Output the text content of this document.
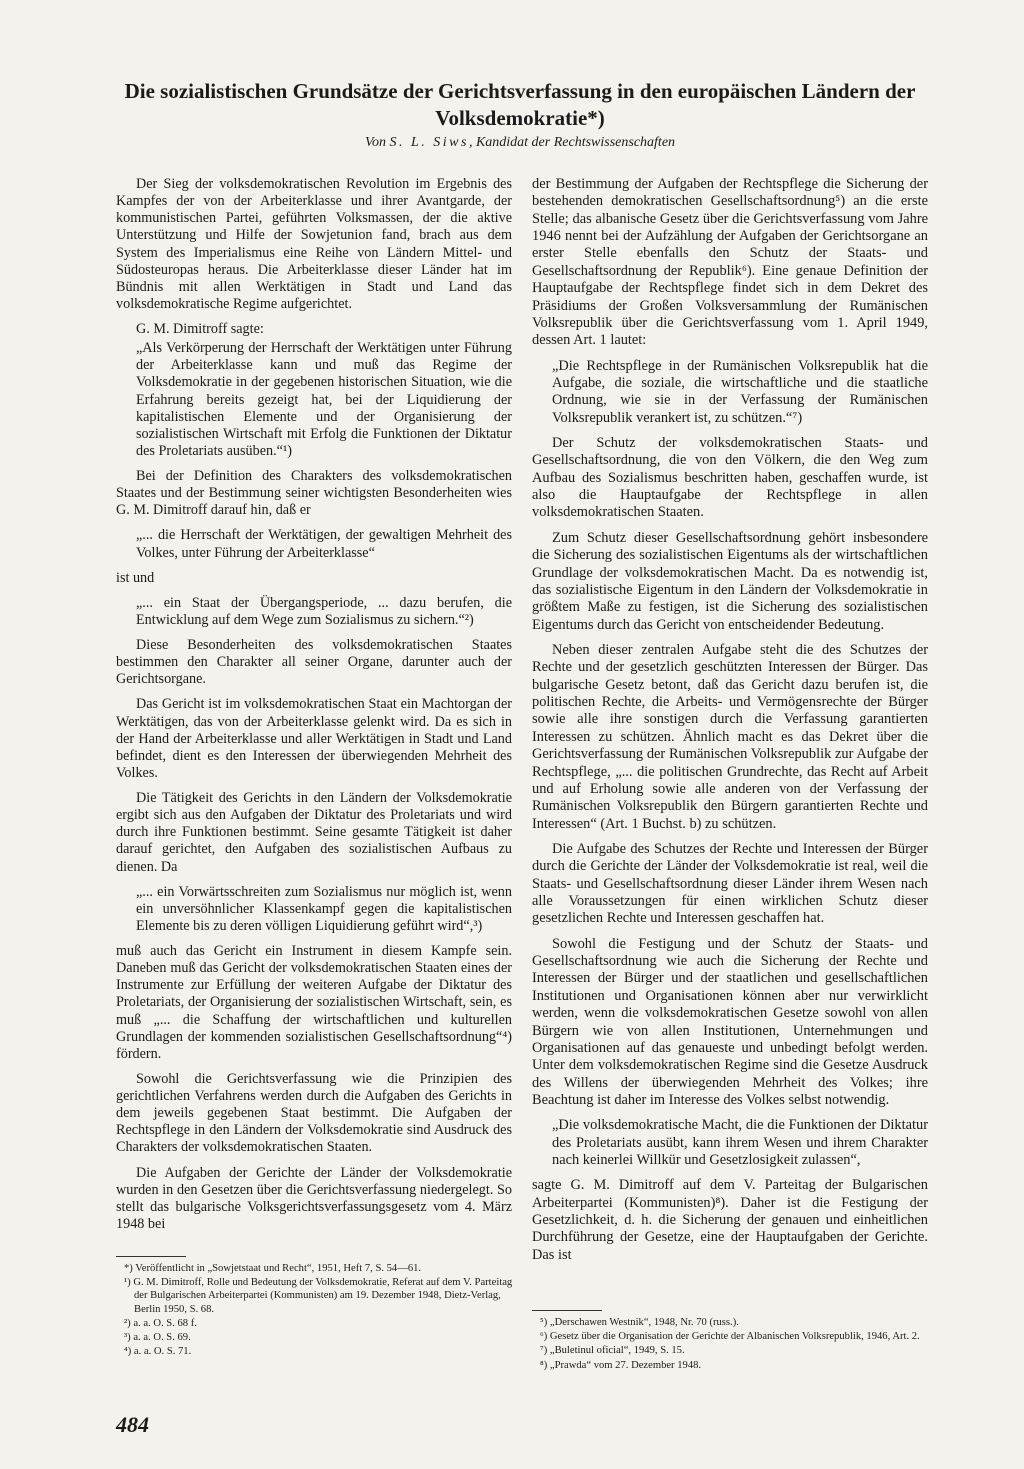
Die sozialistischen Grundsätze der Gerichtsverfassung in den europäischen Ländern der Volksdemokratie*)
Von S. L. Siws, Kandidat der Rechtswissenschaften

Der Sieg der volksdemokratischen Revolution im Ergebnis des Kampfes der von der Arbeiterklasse und ihrer Avantgarde, der kommunistischen Partei, geführten Volksmassen, der die aktive Unterstützung und Hilfe der Sowjetunion fand, brach aus dem System des Imperialismus eine Reihe von Ländern Mittel- und Südosteuropas heraus. Die Arbeiterklasse dieser Länder hat im Bündnis mit allen Werktätigen in Stadt und Land das volksdemokratische Regime aufgerichtet.

G. M. Dimitroff sagte:

„Als Verkörperung der Herrschaft der Werktätigen unter Führung der Arbeiterklasse kann und muß das Regime der Volksdemokratie in der gegebenen historischen Situation, wie die Erfahrung bereits gezeigt hat, bei der Liquidierung der kapitalistischen Elemente und der Organisierung der sozialistischen Wirtschaft mit Erfolg die Funktionen der Diktatur des Proletariats ausüben.“¹)

Bei der Definition des Charakters des volksdemokratischen Staates und der Bestimmung seiner wichtigsten Besonderheiten wies G. M. Dimitroff darauf hin, daß er

„... die Herrschaft der Werktätigen, der gewaltigen Mehrheit des Volkes, unter Führung der Arbeiterklasse“

ist und

„... ein Staat der Übergangsperiode, ... dazu berufen, die Entwicklung auf dem Wege zum Sozialismus zu sichern.“²)

Diese Besonderheiten des volksdemokratischen Staates bestimmen den Charakter all seiner Organe, darunter auch der Gerichtsorgane.

Das Gericht ist im volksdemokratischen Staat ein Machtorgan der Werktätigen, das von der Arbeiterklasse gelenkt wird. Da es sich in der Hand der Arbeiterklasse und aller Werktätigen in Stadt und Land befindet, dient es den Interessen der überwiegenden Mehrheit des Volkes.

Die Tätigkeit des Gerichts in den Ländern der Volksdemokratie ergibt sich aus den Aufgaben der Diktatur des Proletariats und wird durch ihre Funktionen bestimmt. Seine gesamte Tätigkeit ist daher darauf gerichtet, den Aufgaben des sozialistischen Aufbaus zu dienen. Da

„... ein Vorwärtsschreiten zum Sozialismus nur möglich ist, wenn ein unversöhnlicher Klassenkampf gegen die kapitalistischen Elemente bis zu deren völligen Liquidierung geführt wird“,³)

muß auch das Gericht ein Instrument in diesem Kampfe sein. Daneben muß das Gericht der volksdemokratischen Staaten eines der Instrumente zur Erfüllung der weiteren Aufgabe der Diktatur des Proletariats, der Organisierung der sozialistischen Wirtschaft, sein, es muß „... die Schaffung der wirtschaftlichen und kulturellen Grundlagen der kommenden sozialistischen Gesellschaftsordnung“⁴) fördern.

Sowohl die Gerichtsverfassung wie die Prinzipien des gerichtlichen Verfahrens werden durch die Aufgaben des Gerichts in dem jeweils gegebenen Staat bestimmt. Die Aufgaben der Rechtspflege in den Ländern der Volksdemokratie sind Ausdruck des Charakters der volksdemokratischen Staaten.

Die Aufgaben der Gerichte der Länder der Volksdemokratie wurden in den Gesetzen über die Gerichtsverfassung niedergelegt. So stellt das bulgarische Volksgerichtsverfassungsgesetz vom 4. März 1948 bei

der Bestimmung der Aufgaben der Rechtspflege die Sicherung der bestehenden demokratischen Gesellschaftsordnung⁵) an die erste Stelle; das albanische Gesetz über die Gerichtsverfassung vom Jahre 1946 nennt bei der Aufzählung der Aufgaben der Gerichtsorgane an erster Stelle ebenfalls den Schutz der Staats- und Gesellschaftsordnung der Republik⁶). Eine genaue Definition der Hauptaufgabe der Rechtspflege findet sich in dem Dekret des Präsidiums der Großen Volksversammlung der Rumänischen Volksrepublik über die Gerichtsverfassung vom 1. April 1949, dessen Art. 1 lautet:

„Die Rechtspflege in der Rumänischen Volksrepublik hat die Aufgabe, die soziale, die wirtschaftliche und die staatliche Ordnung, wie sie in der Verfassung der Rumänischen Volksrepublik verankert ist, zu schützen.“⁷)

Der Schutz der volksdemokratischen Staats- und Gesellschaftsordnung, die von den Völkern, die den Weg zum Aufbau des Sozialismus beschritten haben, geschaffen wurde, ist also die Hauptaufgabe der Rechtspflege in allen volksdemokratischen Staaten.

Zum Schutz dieser Gesellschaftsordnung gehört insbesondere die Sicherung des sozialistischen Eigentums als der wirtschaftlichen Grundlage der volksdemokratischen Macht. Da es notwendig ist, das sozialistische Eigentum in den Ländern der Volksdemokratie in größtem Maße zu festigen, ist die Sicherung des sozialistischen Eigentums durch das Gericht von entscheidender Bedeutung.

Neben dieser zentralen Aufgabe steht die des Schutzes der Rechte und der gesetzlich geschützten Interessen der Bürger. Das bulgarische Gesetz betont, daß das Gericht dazu berufen ist, die politischen Rechte, die Arbeits- und Vermögensrechte der Bürger sowie alle ihre sonstigen durch die Verfassung garantierten Interessen zu schützen. Ähnlich macht es das Dekret über die Gerichtsverfassung der Rumänischen Volksrepublik zur Aufgabe der Rechtspflege, „... die politischen Grundrechte, das Recht auf Arbeit und auf Erholung sowie alle anderen von der Verfassung der Rumänischen Volksrepublik den Bürgern garantierten Rechte und Interessen“ (Art. 1 Buchst. b) zu schützen.

Die Aufgabe des Schutzes der Rechte und Interessen der Bürger durch die Gerichte der Länder der Volksdemokratie ist real, weil die Staats- und Gesellschaftsordnung dieser Länder ihrem Wesen nach alle Voraussetzungen für einen wirklichen Schutz dieser gesetzlichen Rechte und Interessen geschaffen hat.

Sowohl die Festigung und der Schutz der Staats- und Gesellschaftsordnung wie auch die Sicherung der Rechte und Interessen der Bürger und der staatlichen und gesellschaftlichen Institutionen und Organisationen können aber nur verwirklicht werden, wenn die volksdemokratischen Gesetze sowohl von allen Bürgern wie von allen Institutionen, Unternehmungen und Organisationen auf das genaueste und unbedingt befolgt werden. Unter dem volksdemokratischen Regime sind die Gesetze Ausdruck des Willens der überwiegenden Mehrheit des Volkes; ihre Beachtung ist daher im Interesse des Volkes selbst notwendig.

„Die volksdemokratische Macht, die die Funktionen der Diktatur des Proletariats ausübt, kann ihrem Wesen und ihrem Charakter nach keinerlei Willkür und Gesetzlosigkeit zulassen“,

sagte G. M. Dimitroff auf dem V. Parteitag der Bulgarischen Arbeiterpartei (Kommunisten)⁸). Daher ist die Festigung der Gesetzlichkeit, d. h. die Sicherung der genauen und einheitlichen Durchführung der Gesetze, eine der Hauptaufgaben der Gerichte. Das ist

*) Veröffentlicht in „Sowjetstaat und Recht“, 1951, Heft 7, S. 54—61.
¹) G. M. Dimitroff, Rolle und Bedeutung der Volksdemokratie, Referat auf dem V. Parteitag der Bulgarischen Arbeiterpartei (Kommunisten) am 19. Dezember 1948, Dietz-Verlag, Berlin 1950, S. 68.
²) a. a. O. S. 68 f.
³) a. a. O. S. 69.
⁴) a. a. O. S. 71.
⁵) „Derschawen Westnik“, 1948, Nr. 70 (russ.).
⁶) Gesetz über die Organisation der Gerichte der Albanischen Volksrepublik, 1946, Art. 2.
⁷) „Buletinul oficial“, 1949, S. 15.
⁸) „Prawda“ vom 27. Dezember 1948.
484
